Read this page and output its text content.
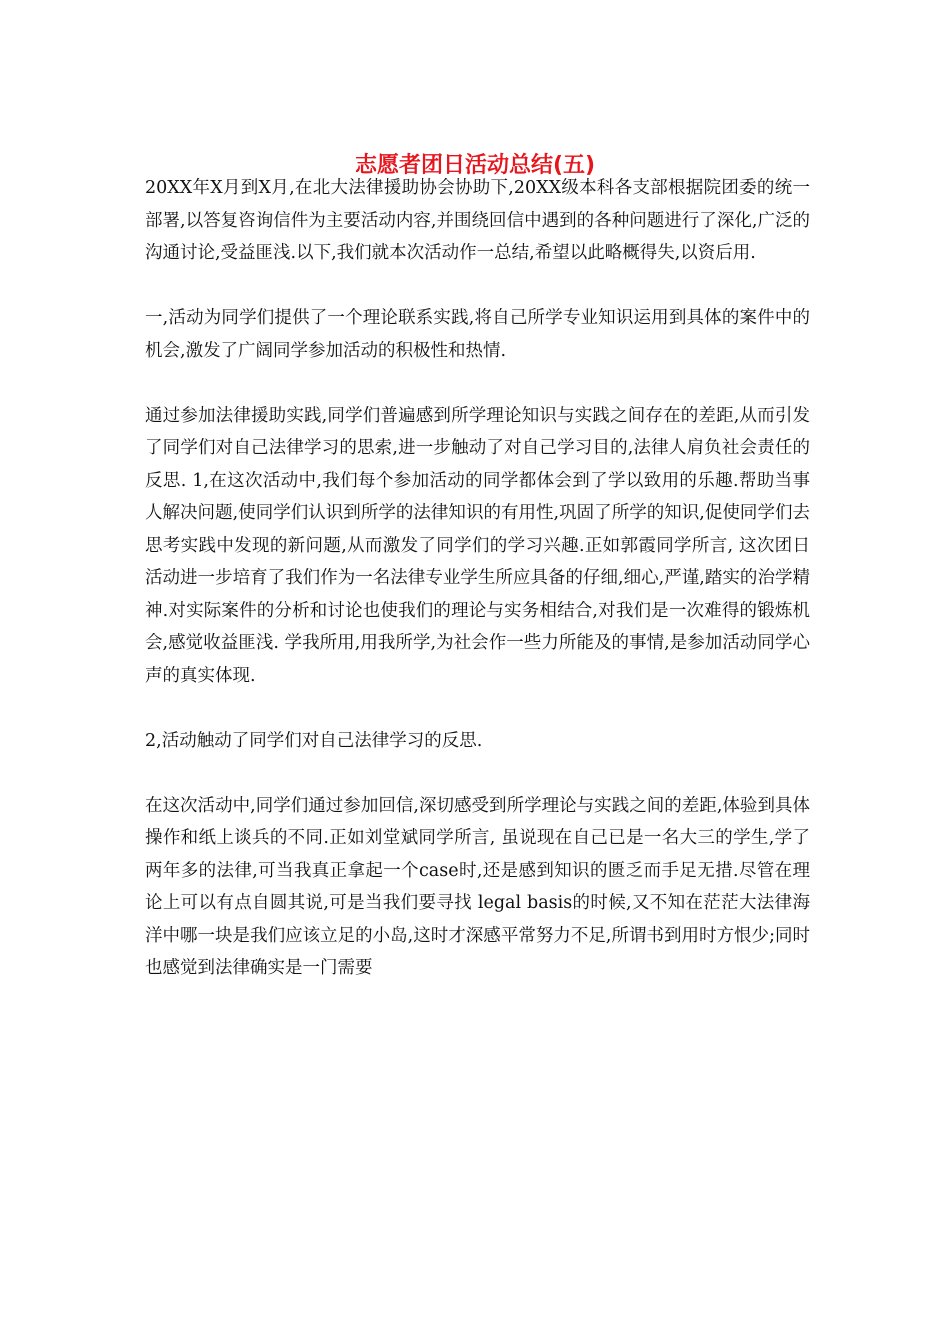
志愿者团日活动总结(五)

20XX年X月到X月,在北大法律援助协会协助下,20XX级本科各支部根据院团委的统一部署,以答复咨询信件为主要活动内容,并围绕回信中遇到的各种问题进行了深化,广泛的沟通讨论,受益匪浅.以下,我们就本次活动作一总结,希望以此略概得失,以资后用.

一,活动为同学们提供了一个理论联系实践,将自己所学专业知识运用到具体的案件中的机会,激发了广阔同学参加活动的积极性和热情.

通过参加法律援助实践,同学们普遍感到所学理论知识与实践之间存在的差距,从而引发了同学们对自己法律学习的思索,进一步触动了对自己学习目的,法律人肩负社会责任的反思. 1,在这次活动中,我们每个参加活动的同学都体会到了学以致用的乐趣.帮助当事人解决问题,使同学们认识到所学的法律知识的有用性,巩固了所学的知识,促使同学们去思考实践中发现的新问题,从而激发了同学们的学习兴趣.正如郭霞同学所言, 这次团日活动进一步培育了我们作为一名法律专业学生所应具备的仔细,细心,严谨,踏实的治学精神.对实际案件的分析和讨论也使我们的理论与实务相结合,对我们是一次难得的锻炼机会,感觉收益匪浅. 学我所用,用我所学,为社会作一些力所能及的事情,是参加活动同学心声的真实体现.

2,活动触动了同学们对自己法律学习的反思.

在这次活动中,同学们通过参加回信,深切感受到所学理论与实践之间的差距,体验到具体操作和纸上谈兵的不同.正如刘堂斌同学所言, 虽说现在自己已是一名大三的学生,学了两年多的法律,可当我真正拿起一个case时,还是感到知识的匮乏而手足无措.尽管在理论上可以有点自圆其说,可是当我们要寻找 legal basis的时候,又不知在茫茫大法律海洋中哪一块是我们应该立足的小岛,这时才深感平常努力不足,所谓书到用时方恨少;同时也感觉到法律确实是一门需要
